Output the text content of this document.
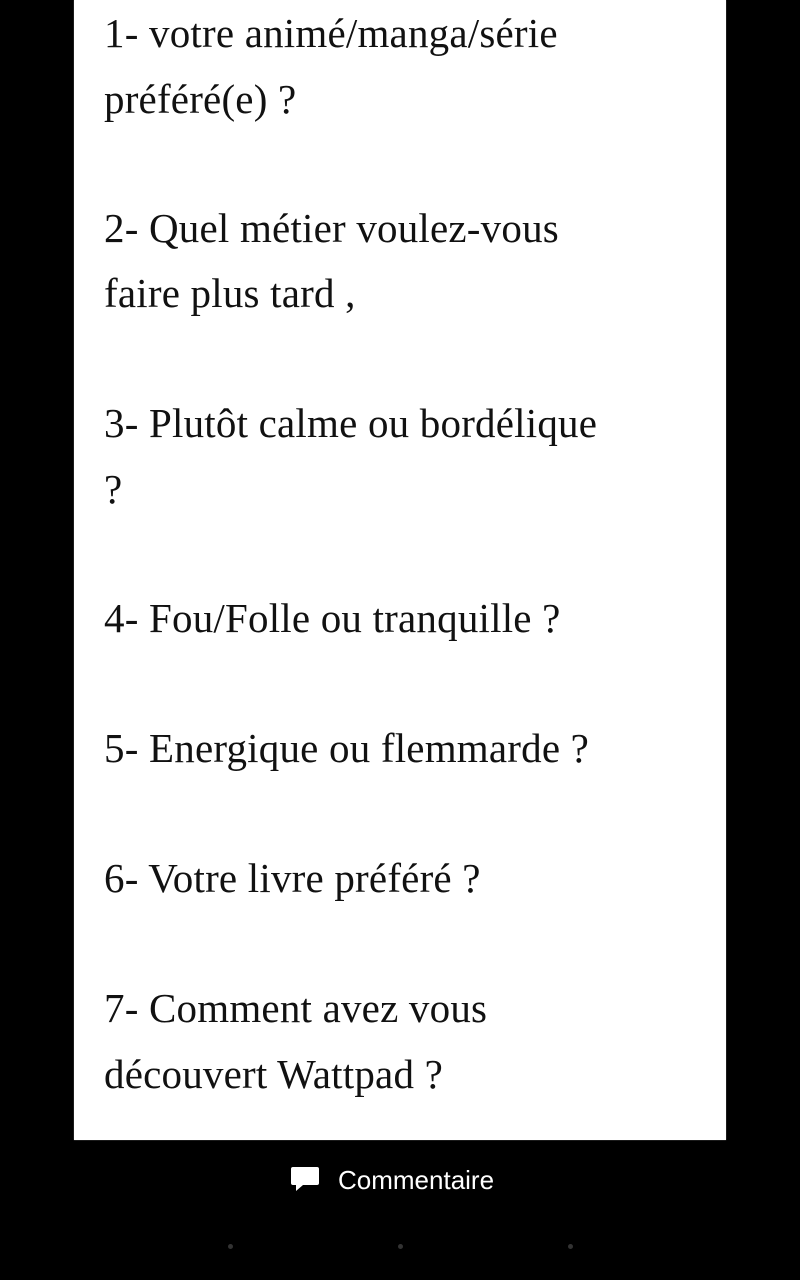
1- votre animé/manga/série
préféré(e) ?
2- Quel métier voulez-vous
faire plus tard ,
3- Plutôt calme ou bordélique
?
4- Fou/Folle ou tranquille ?
5- Energique ou flemmarde ?
6- Votre livre préféré ?
7- Comment avez vous
découvert Wattpad ?
Commentaire
